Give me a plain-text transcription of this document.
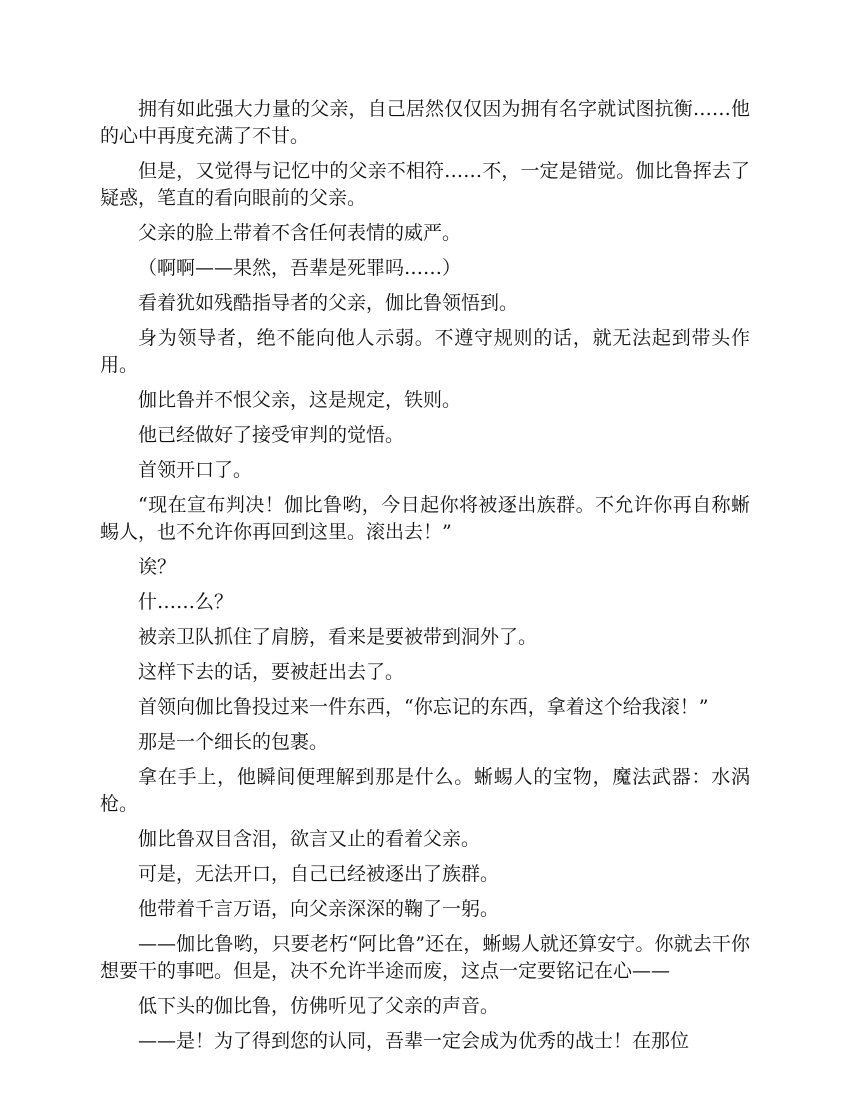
拥有如此强大力量的父亲，自己居然仅仅因为拥有名字就试图抗衡……他的心中再度充满了不甘。

但是，又觉得与记忆中的父亲不相符……不，一定是错觉。伽比鲁挥去了疑惑，笔直的看向眼前的父亲。

父亲的脸上带着不含任何表情的威严。

（啊啊——果然，吾辈是死罪吗……）

看着犹如残酷指导者的父亲，伽比鲁领悟到。

身为领导者，绝不能向他人示弱。不遵守规则的话，就无法起到带头作用。

伽比鲁并不恨父亲，这是规定，铁则。

他已经做好了接受审判的觉悟。

首领开口了。

“现在宣布判决！伽比鲁哟，今日起你将被逐出族群。不允许你再自称蜥蜴人，也不允许你再回到这里。滚出去！”

诶？

什……么？

被亲卫队抓住了肩膀，看来是要被带到洞外了。

这样下去的话，要被赶出去了。

首领向伽比鲁投过来一件东西，“你忘记的东西，拿着这个给我滚！”

那是一个细长的包裹。

拿在手上，他瞬间便理解到那是什么。蜥蜴人的宝物，魔法武器：水涡枪。

伽比鲁双目含泪，欲言又止的看着父亲。

可是，无法开口，自己已经被逐出了族群。

他带着千言万语，向父亲深深的鞠了一躬。

——伽比鲁哟，只要老朽“阿比鲁”还在，蜥蜴人就还算安宁。你就去干你想要干的事吧。但是，决不允许半途而废，这点一定要铭记在心——

低下头的伽比鲁，仿佛听见了父亲的声音。

——是！为了得到您的认同，吾辈一定会成为优秀的战士！在那位
